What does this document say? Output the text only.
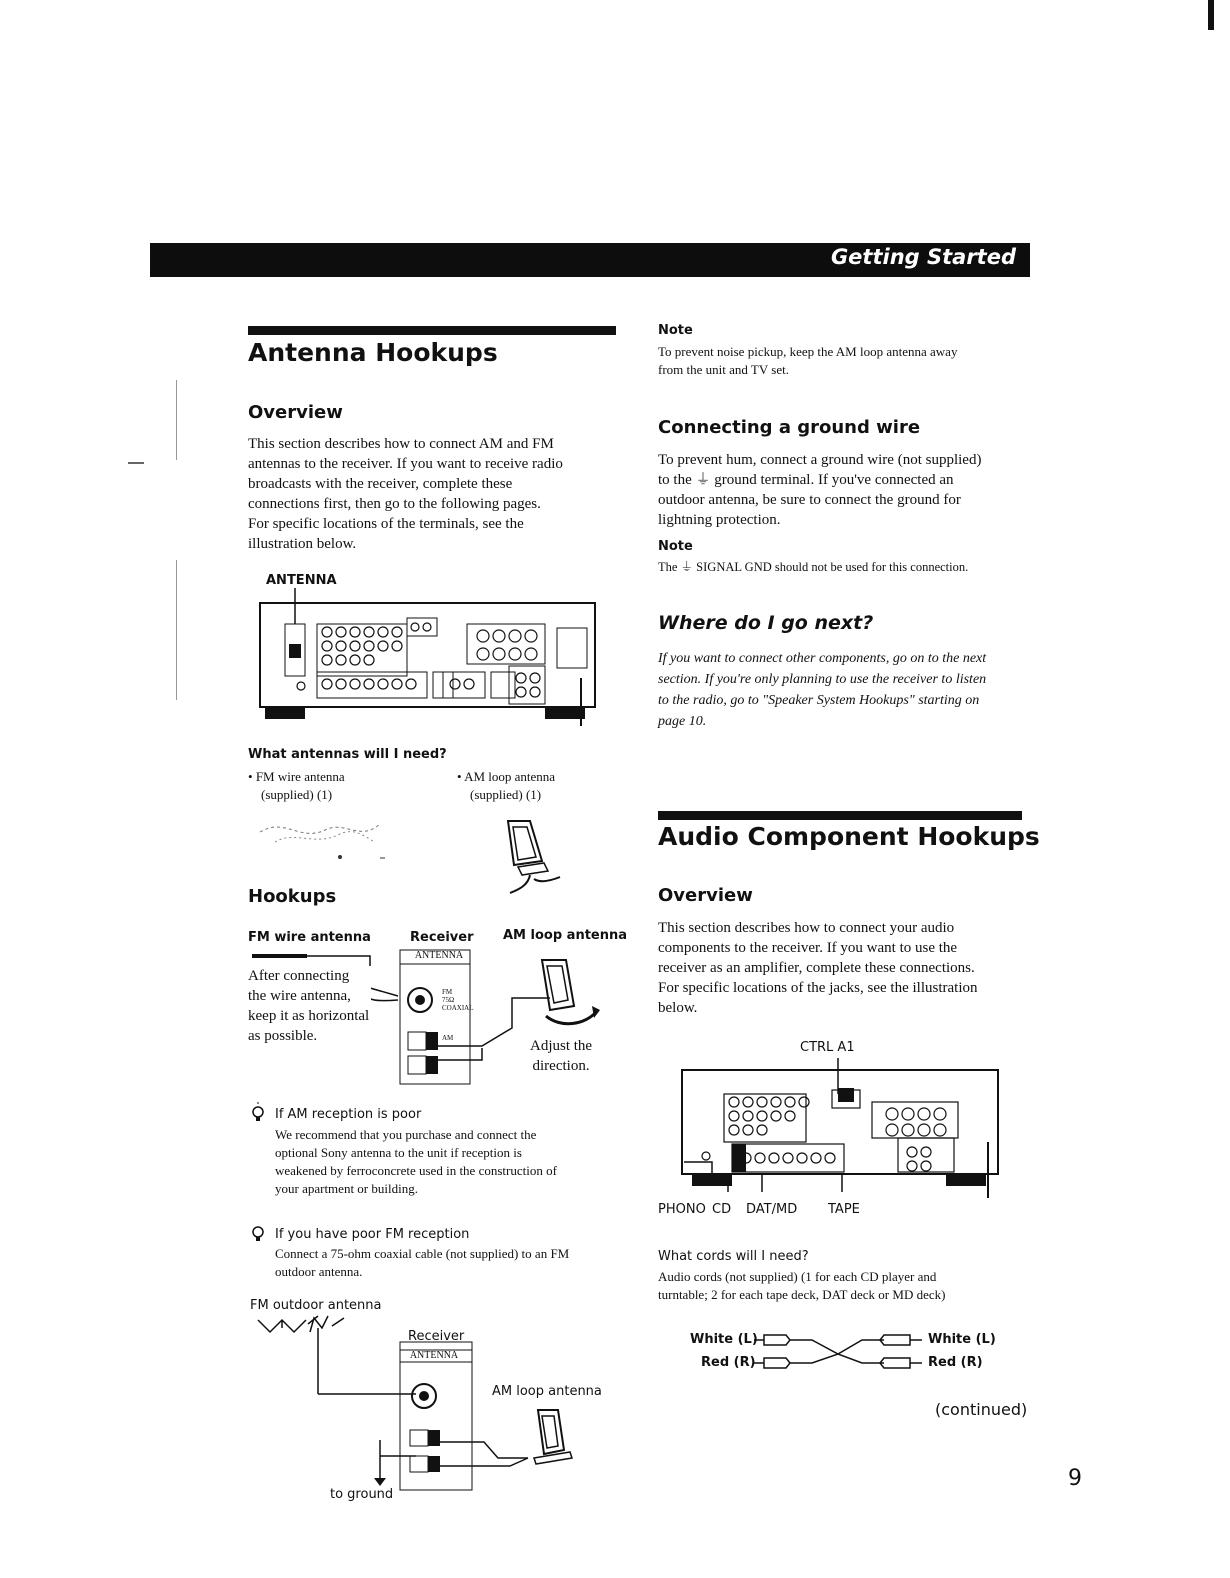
Getting Started
Antenna Hookups
Overview
This section describes how to connect AM and FM
antennas to the receiver. If you want to receive radio
broadcasts with the receiver, complete these
connections first, then go to the following pages.
For specific locations of the terminals, see the
illustration below.
ANTENNA
What antennas will I need?
• FM wire antenna
(supplied) (1)
• AM loop antenna
(supplied) (1)
Hookups
FM wire antenna	Receiver AM loop antenna
ANTENNA
FM 75Ω COAXIAL
AM
After connecting
the wire antenna,
keep it as horizontal
as possible.
Adjust the
direction.
If AM reception is poor
We recommend that you purchase and connect the
optional Sony antenna to the unit if reception is
weakened by ferroconcrete used in the construction of
your apartment or building.
If you have poor FM reception
Connect a 75-ohm coaxial cable (not supplied) to an FM
outdoor antenna.
FM outdoor antenna
Receiver
AM loop antenna
ANTENNA
to ground
Note
To prevent noise pickup, keep the AM loop antenna away
from the unit and TV set.
Connecting a ground wire
To prevent hum, connect a ground wire (not supplied)
to the ⏚ ground terminal. If you've connected an
outdoor antenna, be sure to connect the ground for
lightning protection.
Note
The ⏚ SIGNAL GND should not be used for this connection.
Where do I go next?
If you want to connect other components, go on to the next
section. If you're only planning to use the receiver to listen
to the radio, go to "Speaker System Hookups" starting on
page 10.
Audio Component Hookups
Overview
This section describes how to connect your audio
components to the receiver. If you want to use the
receiver as an amplifier, complete these connections.
For specific locations of the jacks, see the illustration
below.
CTRL A1
PHONO CD DAT/MD TAPE
What cords will I need?
Audio cords (not supplied) (1 for each CD player and
turntable; 2 for each tape deck, DAT deck or MD deck)
White (L)
Red (R)
White (L)
Red (R)
(continued)
9
